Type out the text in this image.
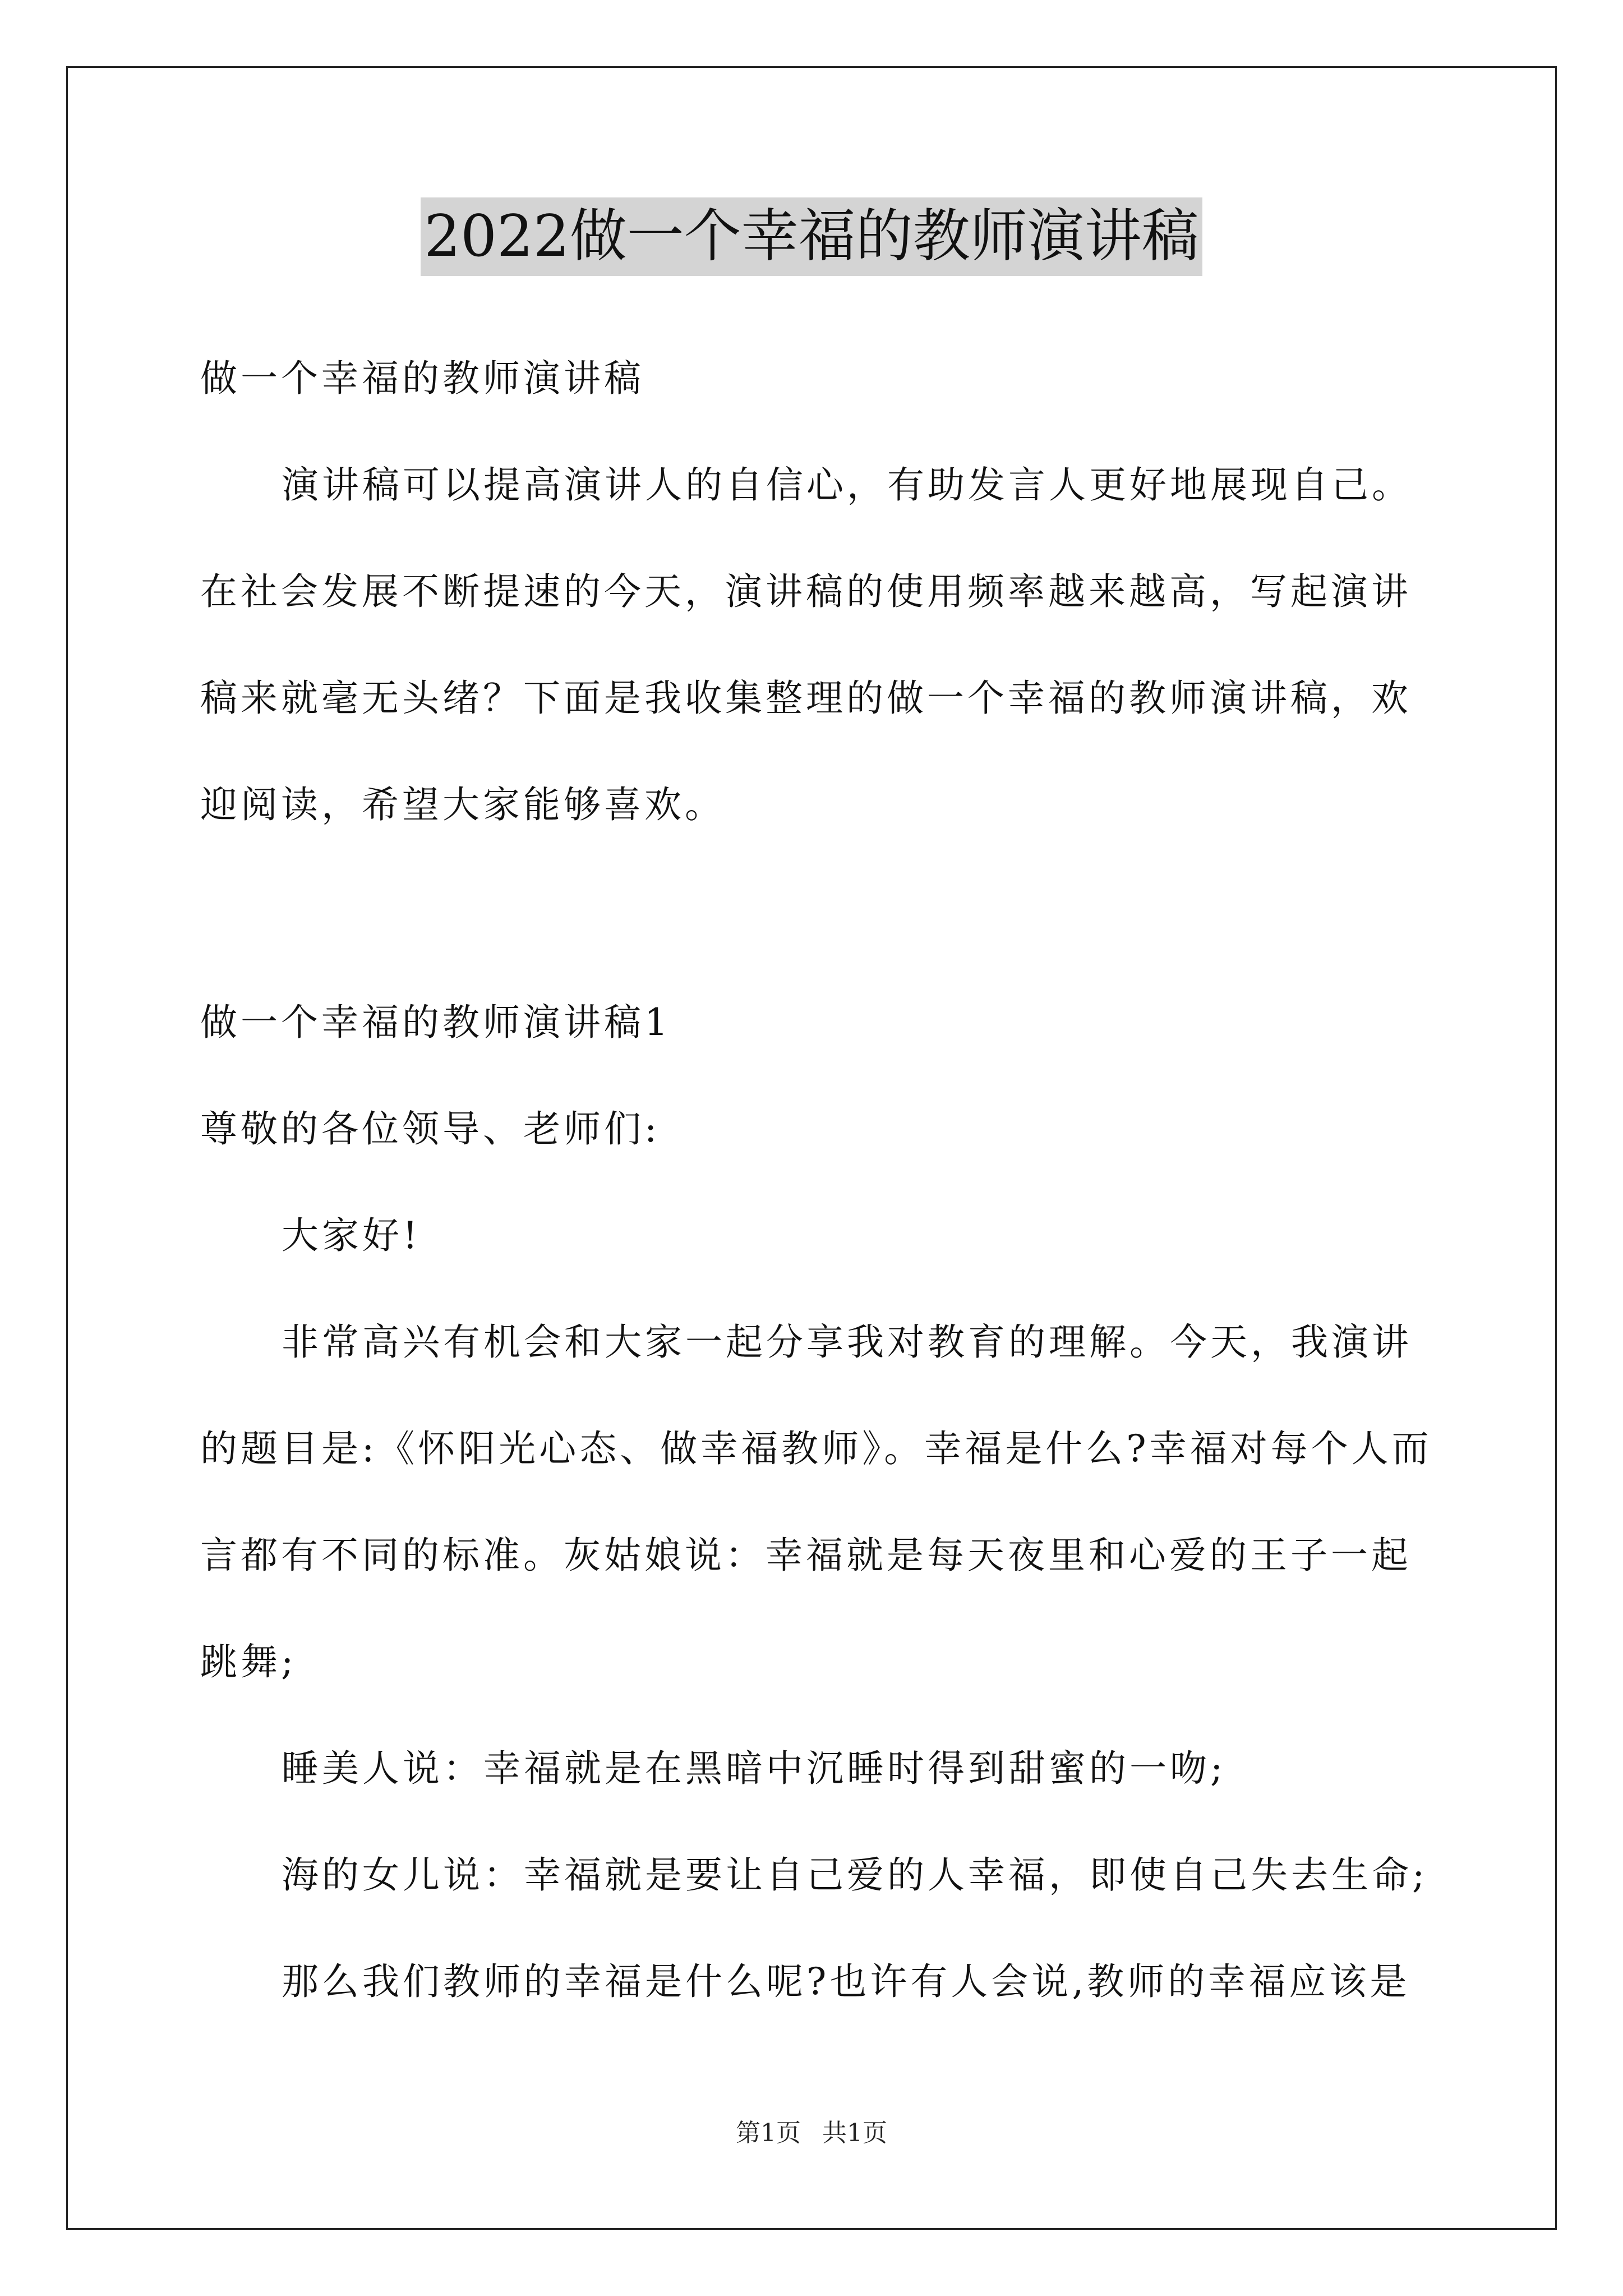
2022做一个幸福的教师演讲稿
做一个幸福的教师演讲稿
演讲稿可以提高演讲人的自信心，有助发言人更好地展现自己。
在社会发展不断提速的今天，演讲稿的使用频率越来越高，写起演讲
稿来就毫无头绪？下面是我收集整理的做一个幸福的教师演讲稿，欢
迎阅读，希望大家能够喜欢。
做一个幸福的教师演讲稿1
尊敬的各位领导、老师们:
大家好!
非常高兴有机会和大家一起分享我对教育的理解。今天，我演讲
的题目是:《怀阳光心态、做幸福教师》。幸福是什么?幸福对每个人而
言都有不同的标准。灰姑娘说：幸福就是每天夜里和心爱的王子一起
跳舞;
睡美人说：幸福就是在黑暗中沉睡时得到甜蜜的一吻;
海的女儿说：幸福就是要让自己爱的人幸福，即使自己失去生命;
那么我们教师的幸福是什么呢?也许有人会说,教师的幸福应该是
第1页 共1页
